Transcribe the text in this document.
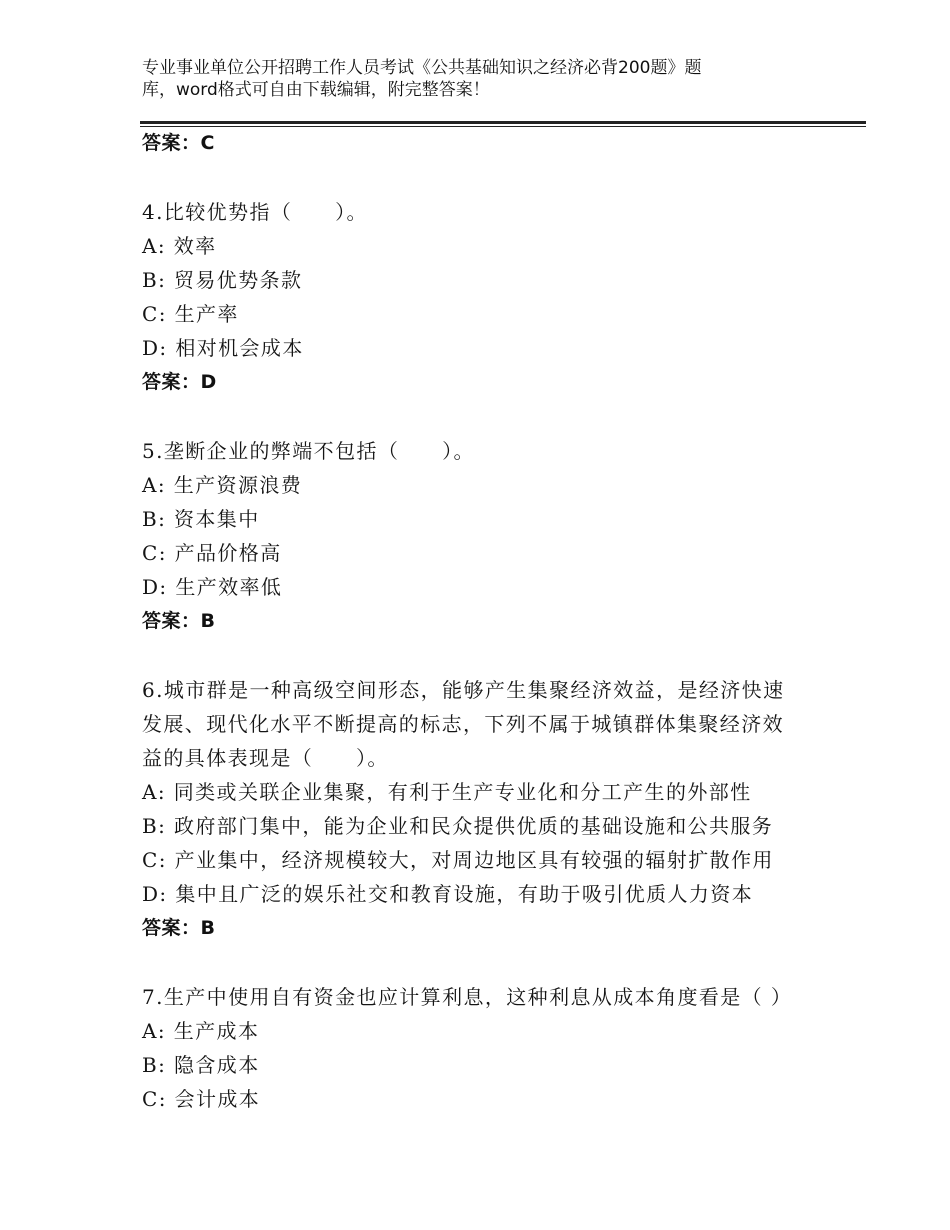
专业事业单位公开招聘工作人员考试《公共基础知识之经济必背200题》题
库，word格式可自由下载编辑，附完整答案！
答案：C
4.比较优势指（　　）。
A: 效率
B: 贸易优势条款
C: 生产率
D: 相对机会成本
答案：D
5.垄断企业的弊端不包括（　　）。
A: 生产资源浪费
B: 资本集中
C: 产品价格高
D: 生产效率低
答案：B
6.城市群是一种高级空间形态，能够产生集聚经济效益，是经济快速
发展、现代化水平不断提高的标志，下列不属于城镇群体集聚经济效
益的具体表现是（　　）。
A: 同类或关联企业集聚，有利于生产专业化和分工产生的外部性
B: 政府部门集中，能为企业和民众提供优质的基础设施和公共服务
C: 产业集中，经济规模较大，对周边地区具有较强的辐射扩散作用
D: 集中且广泛的娱乐社交和教育设施，有助于吸引优质人力资本
答案：B
7.生产中使用自有资金也应计算利息，这种利息从成本角度看是（ ）
A: 生产成本
B: 隐含成本
C: 会计成本
